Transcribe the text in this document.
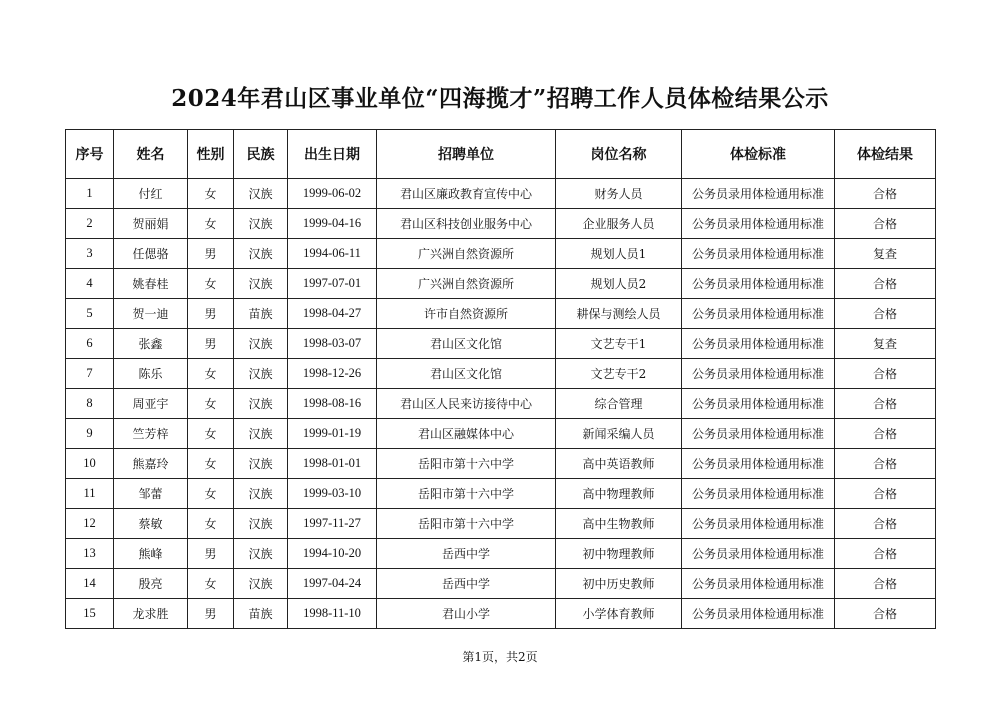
2024年君山区事业单位“四海揽才”招聘工作人员体检结果公示
序号	姓名	性别	民族	出生日期	招聘单位	岗位名称	体检标准	体检结果
1	付红	女	汉族	1999-06-02	君山区廉政教育宣传中心	财务人员	公务员录用体检通用标准	合格
2	贺丽娟	女	汉族	1999-04-16	君山区科技创业服务中心	企业服务人员	公务员录用体检通用标准	合格
3	任偲骆	男	汉族	1994-06-11	广兴洲自然资源所	规划人员1	公务员录用体检通用标准	复查
4	姚春桂	女	汉族	1997-07-01	广兴洲自然资源所	规划人员2	公务员录用体检通用标准	合格
5	贺一迪	男	苗族	1998-04-27	许市自然资源所	耕保与测绘人员	公务员录用体检通用标准	合格
6	张鑫	男	汉族	1998-03-07	君山区文化馆	文艺专干1	公务员录用体检通用标准	复查
7	陈乐	女	汉族	1998-12-26	君山区文化馆	文艺专干2	公务员录用体检通用标准	合格
8	周亚宇	女	汉族	1998-08-16	君山区人民来访接待中心	综合管理	公务员录用体检通用标准	合格
9	竺芳梓	女	汉族	1999-01-19	君山区融媒体中心	新闻采编人员	公务员录用体检通用标准	合格
10	熊嘉玲	女	汉族	1998-01-01	岳阳市第十六中学	高中英语教师	公务员录用体检通用标准	合格
11	邹蕾	女	汉族	1999-03-10	岳阳市第十六中学	高中物理教师	公务员录用体检通用标准	合格
12	蔡敏	女	汉族	1997-11-27	岳阳市第十六中学	高中生物教师	公务员录用体检通用标准	合格
13	熊峰	男	汉族	1994-10-20	岳西中学	初中物理教师	公务员录用体检通用标准	合格
14	殷亮	女	汉族	1997-04-24	岳西中学	初中历史教师	公务员录用体检通用标准	合格
15	龙求胜	男	苗族	1998-11-10	君山小学	小学体育教师	公务员录用体检通用标准	合格
第1页，共2页
